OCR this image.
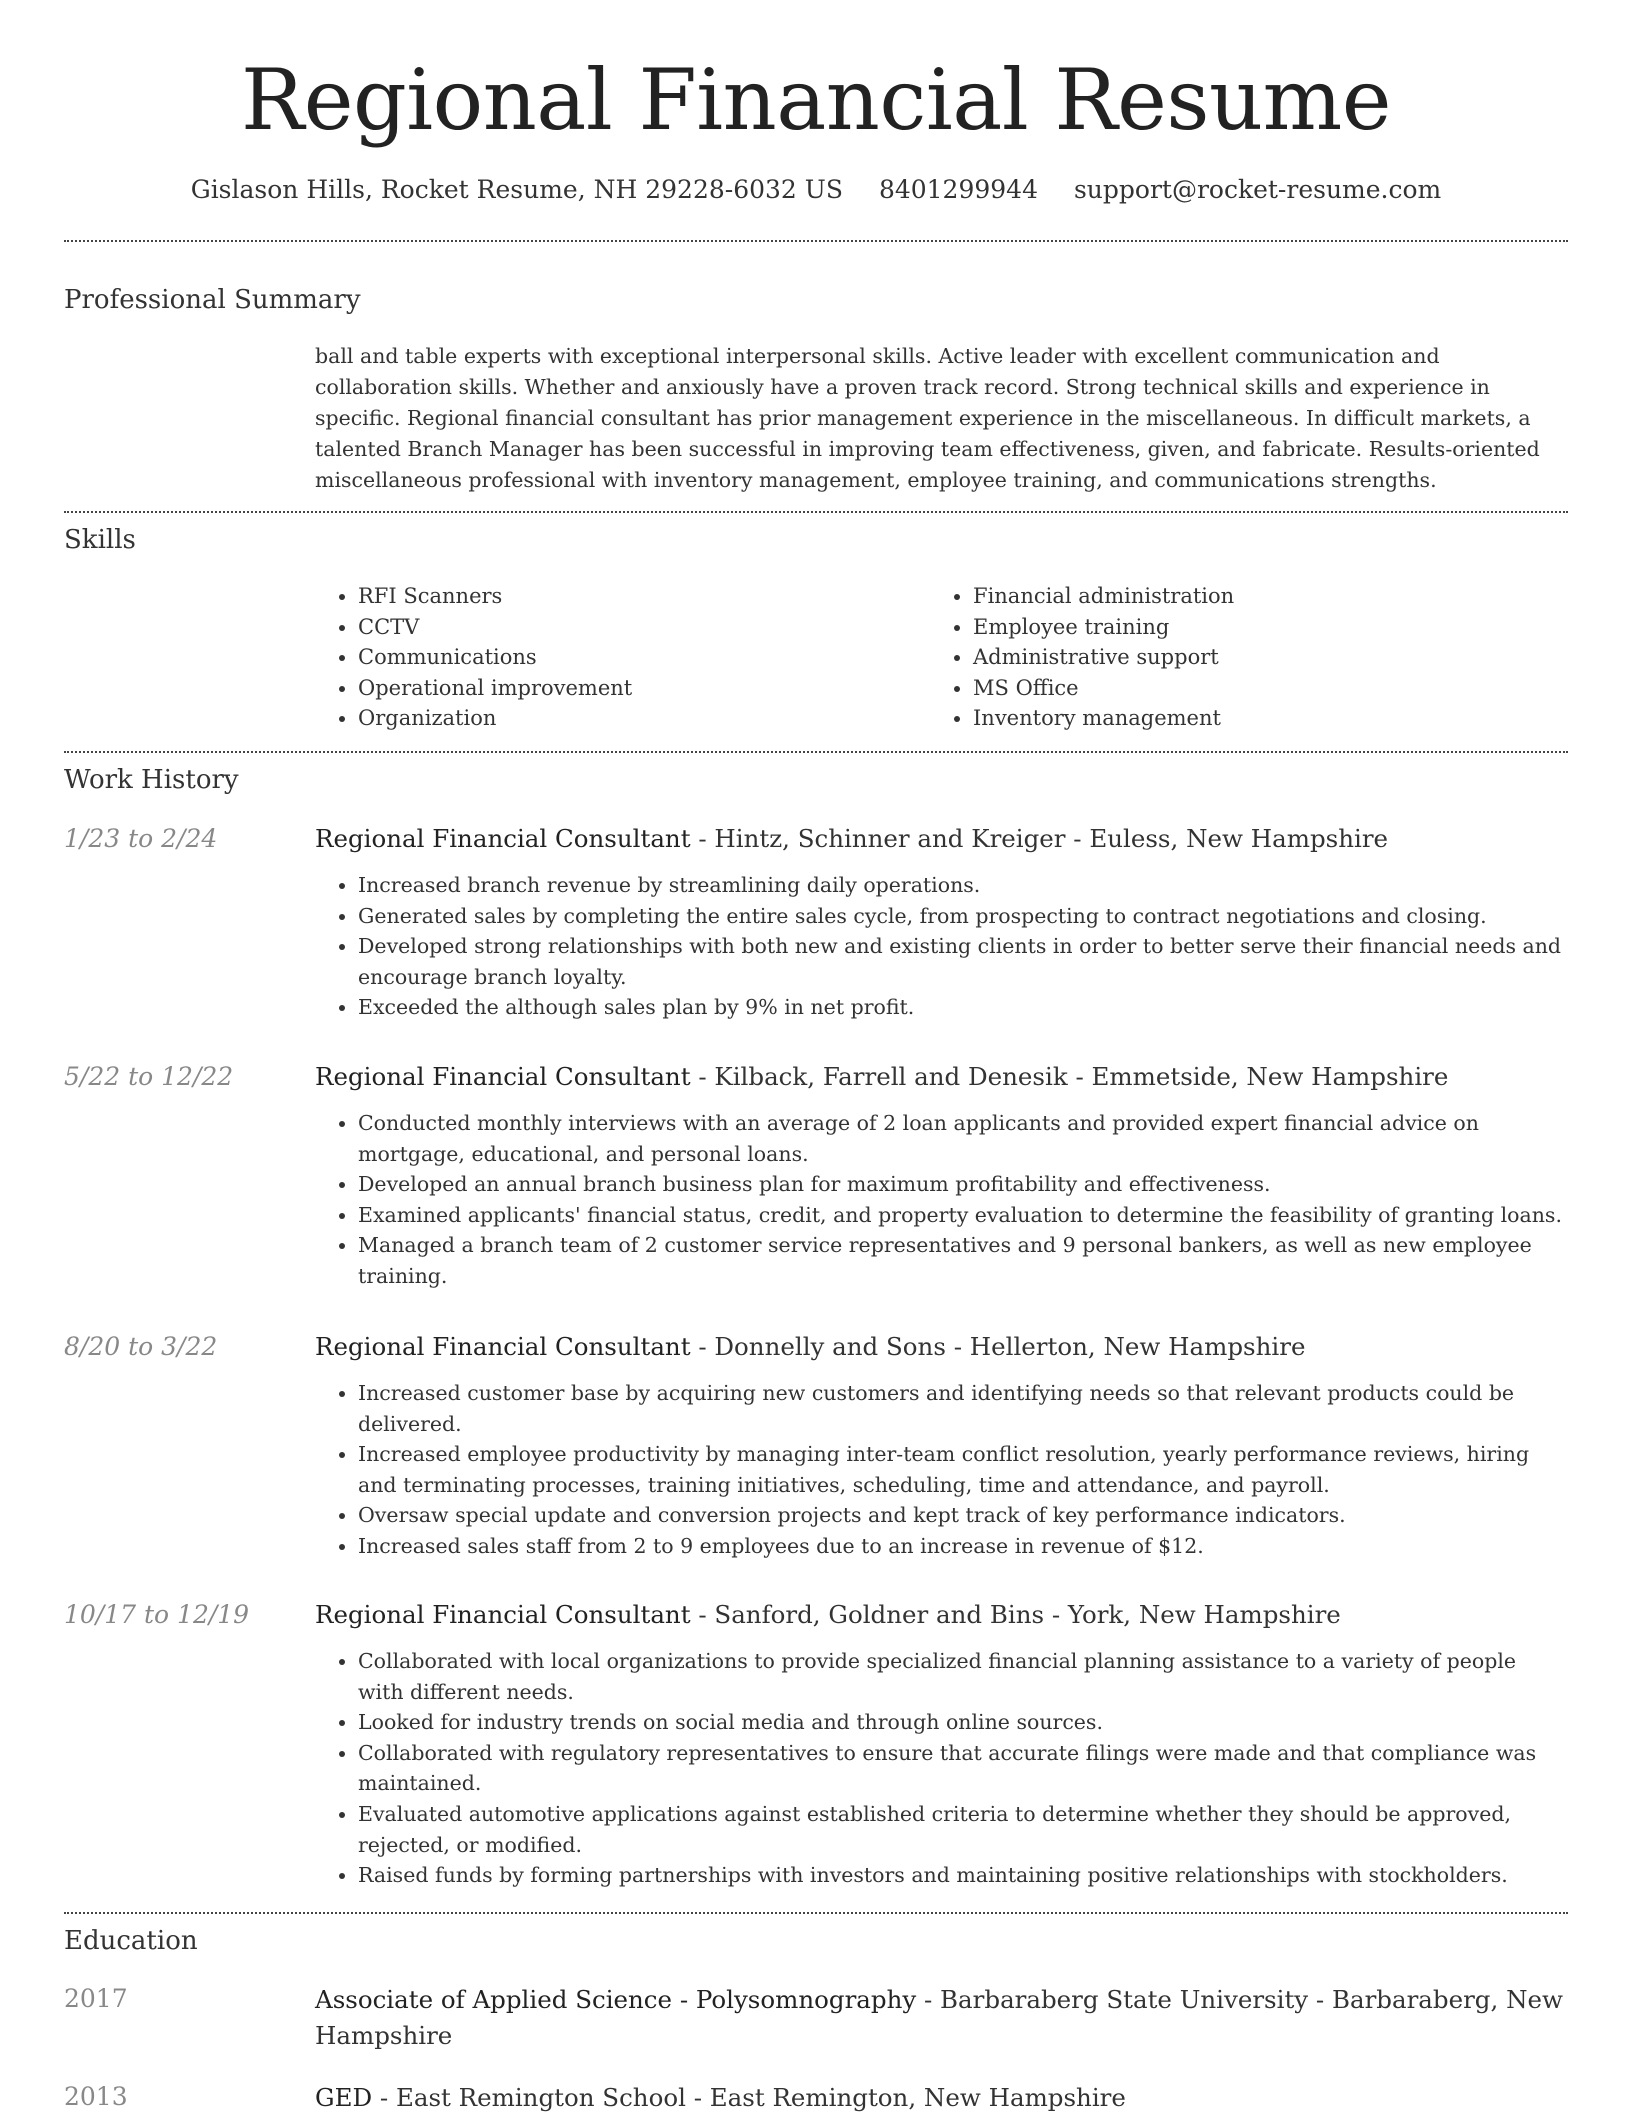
Regional Financial Resume
Gislason Hills, Rocket Resume, NH 29228-6032 US 8401299944 support@rocket-resume.com
Professional Summary

ball and table experts with exceptional interpersonal skills. Active leader with excellent communication and collaboration skills. Whether and anxiously have a proven track record. Strong technical skills and experience in specific. Regional financial consultant has prior management experience in the miscellaneous. In difficult markets, a talented Branch Manager has been successful in improving team effectiveness, given, and fabricate. Results-oriented miscellaneous professional with inventory management, employee training, and communications strengths.

Skills
• RFI Scanners
• CCTV
• Communications
• Operational improvement
• Organization
• Financial administration
• Employee training
• Administrative support
• MS Office
• Inventory management
Work History
1/23 to 2/24	Regional Financial Consultant - Hintz, Schinner and Kreiger - Euless, New Hampshire
• Increased branch revenue by streamlining daily operations.
• Generated sales by completing the entire sales cycle, from prospecting to contract negotiations and closing.
• Developed strong relationships with both new and existing clients in order to better serve their financial needs and encourage branch loyalty.
• Exceeded the although sales plan by 9% in net profit.
5/22 to 12/22	Regional Financial Consultant - Kilback, Farrell and Denesik - Emmetside, New Hampshire
• Conducted monthly interviews with an average of 2 loan applicants and provided expert financial advice on mortgage, educational, and personal loans.
• Developed an annual branch business plan for maximum profitability and effectiveness.
• Examined applicants' financial status, credit, and property evaluation to determine the feasibility of granting loans.
• Managed a branch team of 2 customer service representatives and 9 personal bankers, as well as new employee training.
8/20 to 3/22	Regional Financial Consultant - Donnelly and Sons - Hellerton, New Hampshire
• Increased customer base by acquiring new customers and identifying needs so that relevant products could be delivered.
• Increased employee productivity by managing inter-team conflict resolution, yearly performance reviews, hiring and terminating processes, training initiatives, scheduling, time and attendance, and payroll.
• Oversaw special update and conversion projects and kept track of key performance indicators.
• Increased sales staff from 2 to 9 employees due to an increase in revenue of $12.
10/17 to 12/19	Regional Financial Consultant - Sanford, Goldner and Bins - York, New Hampshire
• Collaborated with local organizations to provide specialized financial planning assistance to a variety of people with different needs.
• Looked for industry trends on social media and through online sources.
• Collaborated with regulatory representatives to ensure that accurate filings were made and that compliance was maintained.
• Evaluated automotive applications against established criteria to determine whether they should be approved, rejected, or modified.
• Raised funds by forming partnerships with investors and maintaining positive relationships with stockholders.
Education
2017	Associate of Applied Science - Polysomnography - Barbaraberg State University - Barbaraberg, New Hampshire
2013	GED - East Remington School - East Remington, New Hampshire
